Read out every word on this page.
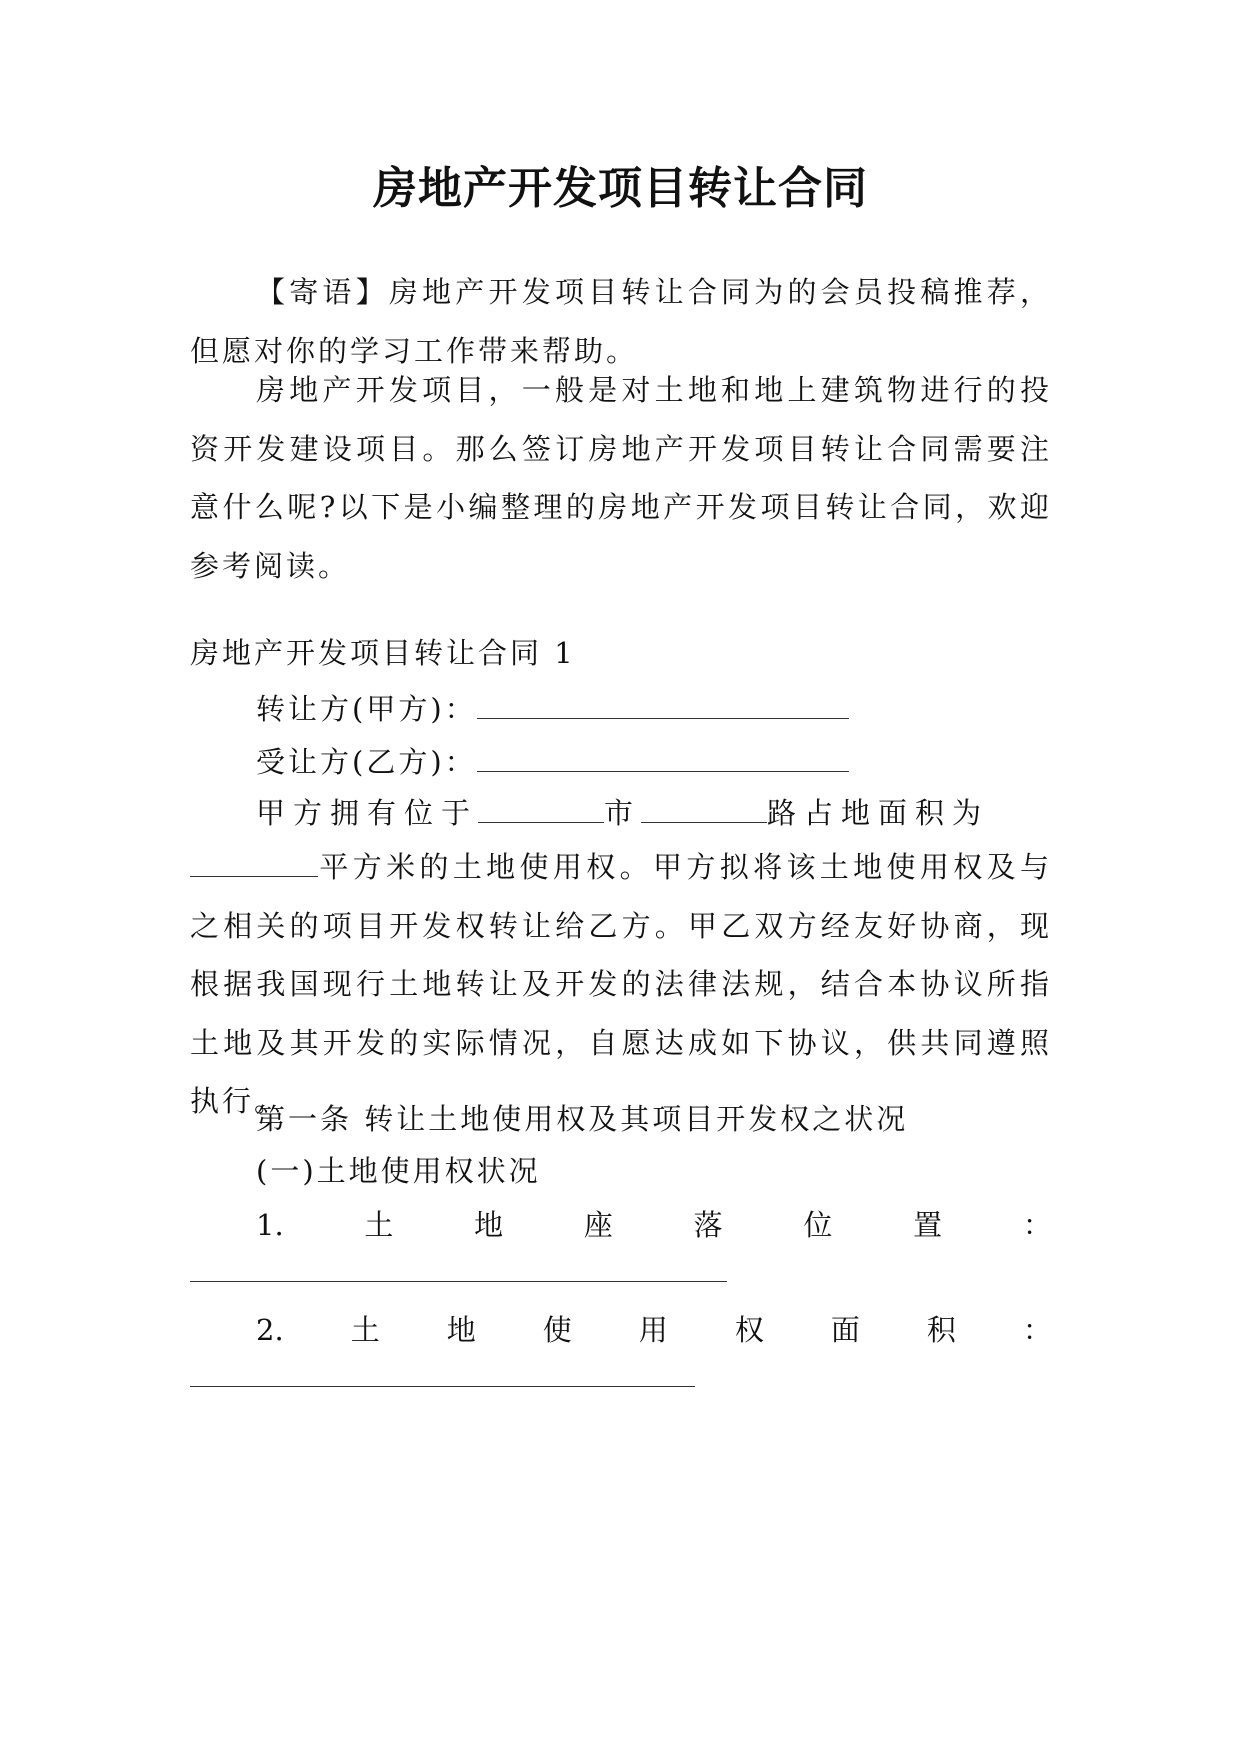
房地产开发项目转让合同

【寄语】房地产开发项目转让合同为的会员投稿推荐，但愿对你的学习工作带来帮助。

房地产开发项目，一般是对土地和地上建筑物进行的投资开发建设项目。那么签订房地产开发项目转让合同需要注意什么呢?以下是小编整理的房地产开发项目转让合同，欢迎参考阅读。

房地产开发项目转让合同 1

转让方(甲方)：
受让方(乙方)：
甲方拥有位于	市	路占地面积为

平方米的土地使用权。甲方拟将该土地使用权及与之相关的项目开发权转让给乙方。甲乙双方经友好协商，现根据我国现行土地转让及开发的法律法规，结合本协议所指土地及其开发的实际情况，自愿达成如下协议，供共同遵照执行。

第一条 转让土地使用权及其项目开发权之状况

(一)土地使用权状况

1.	土	地	座	落	位	置	：
2. 土 地 使 用 权 面 积 ：
